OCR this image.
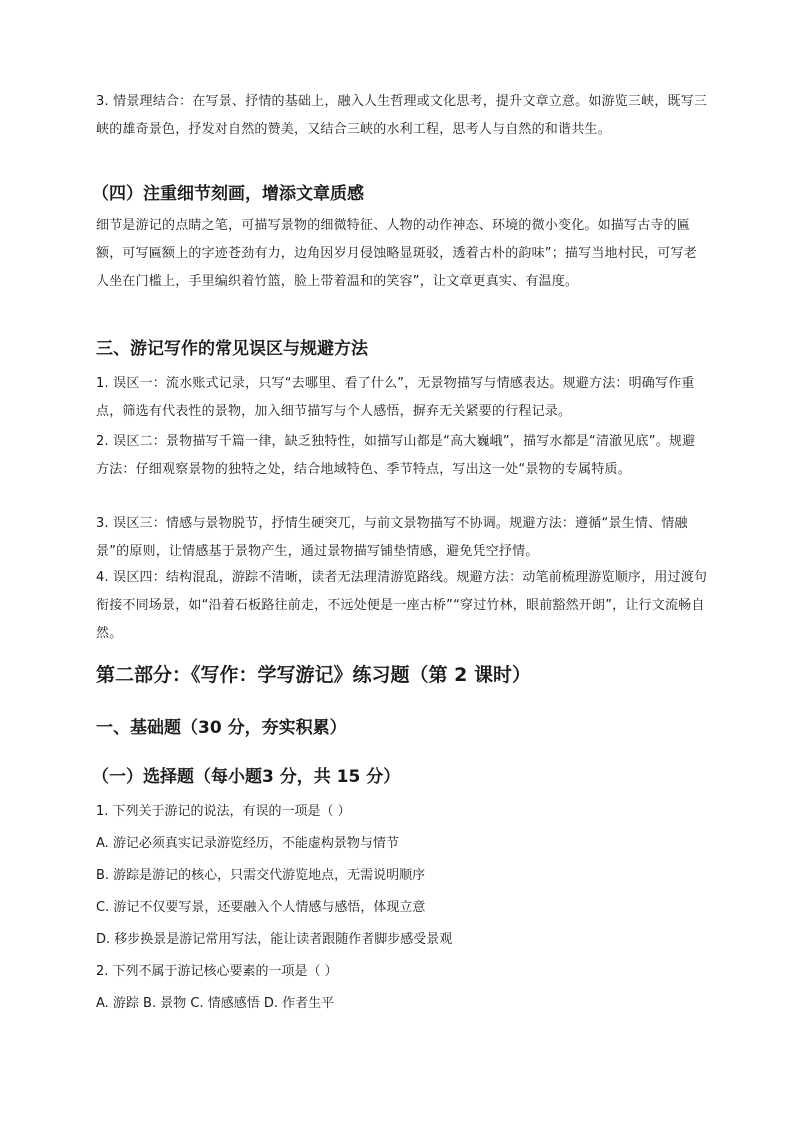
3. 情景理结合：在写景、抒情的基础上，融入人生哲理或文化思考，提升文章立意。如游览三峡，既写三峡的雄奇景色，抒发对自然的赞美，又结合三峡的水利工程，思考人与自然的和谐共生。

（四）注重细节刻画，增添文章质感

细节是游记的点睛之笔，可描写景物的细微特征、人物的动作神态、环境的微小变化。如描写古寺的匾额，可写匾额上的字迹苍劲有力，边角因岁月侵蚀略显斑驳，透着古朴的韵味”；描写当地村民，可写老人坐在门槛上，手里编织着竹篮，脸上带着温和的笑容”，让文章更真实、有温度。

三、游记写作的常见误区与规避方法

1. 误区一：流水账式记录，只写“去哪里、看了什么”，无景物描写与情感表达。规避方法：明确写作重点，筛选有代表性的景物，加入细节描写与个人感悟，摒弃无关紧要的行程记录。

2. 误区二：景物描写千篇一律，缺乏独特性，如描写山都是“高大巍峨”，描写水都是“清澈见底”。规避方法：仔细观察景物的独特之处，结合地域特色、季节特点，写出这一处“景物的专属特质。

3. 误区三：情感与景物脱节，抒情生硬突兀，与前文景物描写不协调。规避方法：遵循“景生情、情融景”的原则，让情感基于景物产生，通过景物描写铺垫情感，避免凭空抒情。

4. 误区四：结构混乱，游踪不清晰，读者无法理清游览路线。规避方法：动笔前梳理游览顺序，用过渡句衔接不同场景，如“沿着石板路往前走，不远处便是一座古桥”“穿过竹林，眼前豁然开朗”，让行文流畅自然。

第二部分：《写作：学写游记》练习题（第 2 课时）
一、基础题（30 分，夯实积累）
（一）选择题（每小题3 分，共 15 分）

1. 下列关于游记的说法，有误的一项是（ ）

A. 游记必须真实记录游览经历，不能虚构景物与情节

B. 游踪是游记的核心，只需交代游览地点，无需说明顺序

C. 游记不仅要写景，还要融入个人情感与感悟，体现立意

D. 移步换景是游记常用写法，能让读者跟随作者脚步感受景观

2. 下列不属于游记核心要素的一项是（ ）

A. 游踪 B. 景物 C. 情感感悟 D. 作者生平
